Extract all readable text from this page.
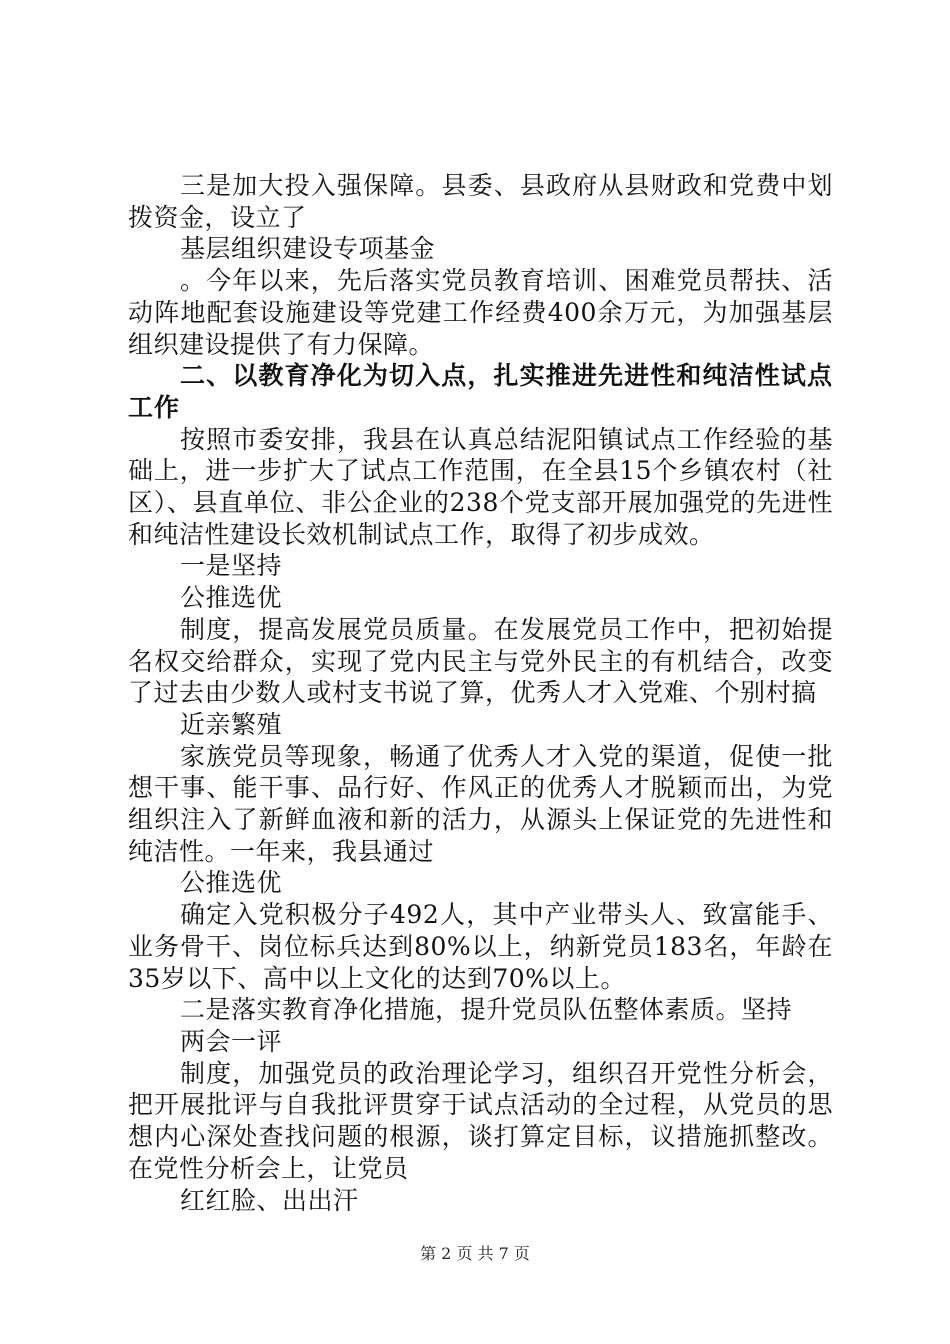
三是加大投入强保障。县委、县政府从县财政和党费中划拨资金，设立了

基层组织建设专项基金

。今年以来，先后落实党员教育培训、困难党员帮扶、活动阵地配套设施建设等党建工作经费400余万元，为加强基层组织建设提供了有力保障。

二、以教育净化为切入点，扎实推进先进性和纯洁性试点工作

按照市委安排，我县在认真总结泥阳镇试点工作经验的基础上，进一步扩大了试点工作范围，在全县15个乡镇农村（社区）、县直单位、非公企业的238个党支部开展加强党的先进性和纯洁性建设长效机制试点工作，取得了初步成效。

一是坚持

公推选优

制度，提高发展党员质量。在发展党员工作中，把初始提名权交给群众，实现了党内民主与党外民主的有机结合，改变了过去由少数人或村支书说了算，优秀人才入党难、个别村搞

近亲繁殖

家族党员等现象，畅通了优秀人才入党的渠道，促使一批想干事、能干事、品行好、作风正的优秀人才脱颖而出，为党组织注入了新鲜血液和新的活力，从源头上保证党的先进性和纯洁性。一年来，我县通过

公推选优

确定入党积极分子492人，其中产业带头人、致富能手、业务骨干、岗位标兵达到80%以上，纳新党员183名，年龄在35岁以下、高中以上文化的达到70%以上。

二是落实教育净化措施，提升党员队伍整体素质。坚持

两会一评

制度，加强党员的政治理论学习，组织召开党性分析会，把开展批评与自我批评贯穿于试点活动的全过程，从党员的思想内心深处查找问题的根源，谈打算定目标，议措施抓整改。在党性分析会上，让党员

红红脸、出出汗

第 2 页 共 7 页
